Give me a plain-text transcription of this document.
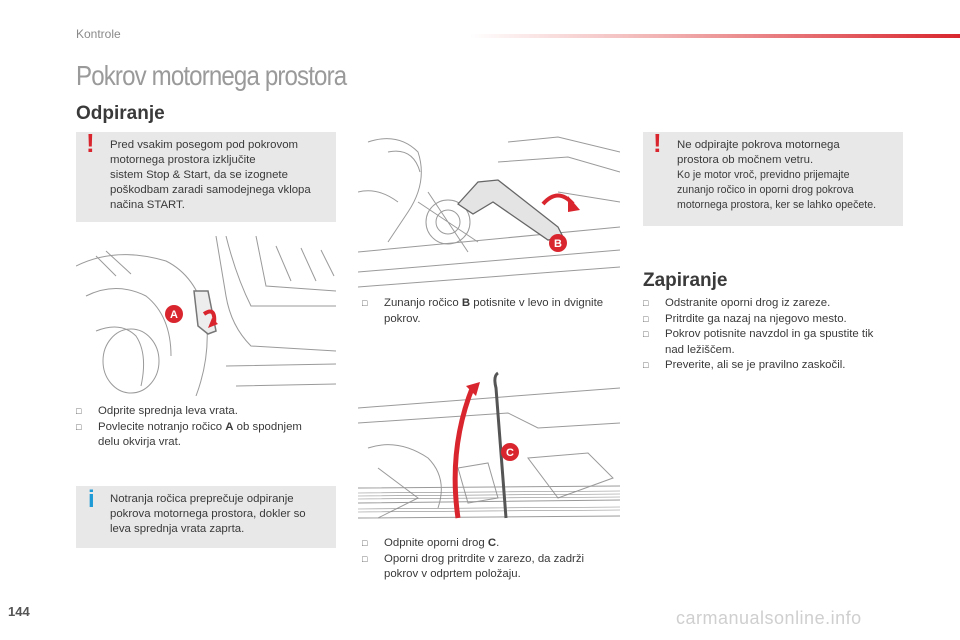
Kontrole
Pokrov motornega prostora
Odpiranje
! Pred vsakim posegom pod pokrovom
motornega prostora izključite
sistem Stop & Start, da se izognete
poškodbam zaradi samodejnega vklopa
načina START.
A
□ Odprite sprednja leva vrata.
□ Povlecite notranjo ročico A ob spodnjem
delu okvirja vrat.
i Notranja ročica preprečuje odpiranje
pokrova motornega prostora, dokler so
leva sprednja vrata zaprta.
B
□ Zunanjo ročico B potisnite v levo in dvignite
pokrov.
C
□ Odpnite oporni drog C.
□ Oporni drog pritrdite v zarezo, da zadrži
pokrov v odprtem položaju.
! Ne odpirajte pokrova motornega
prostora ob močnem vetru.
Ko je motor vroč, previdno prijemajte
zunanjo ročico in oporni drog pokrova
motornega prostora, ker se lahko opečete.
Zapiranje
□ Odstranite oporni drog iz zareze.
□ Pritrdite ga nazaj na njegovo mesto.
□ Pokrov potisnite navzdol in ga spustite tik
nad ležiščem.
□ Preverite, ali se je pravilno zaskočil.
144	carmanualsonline.info
